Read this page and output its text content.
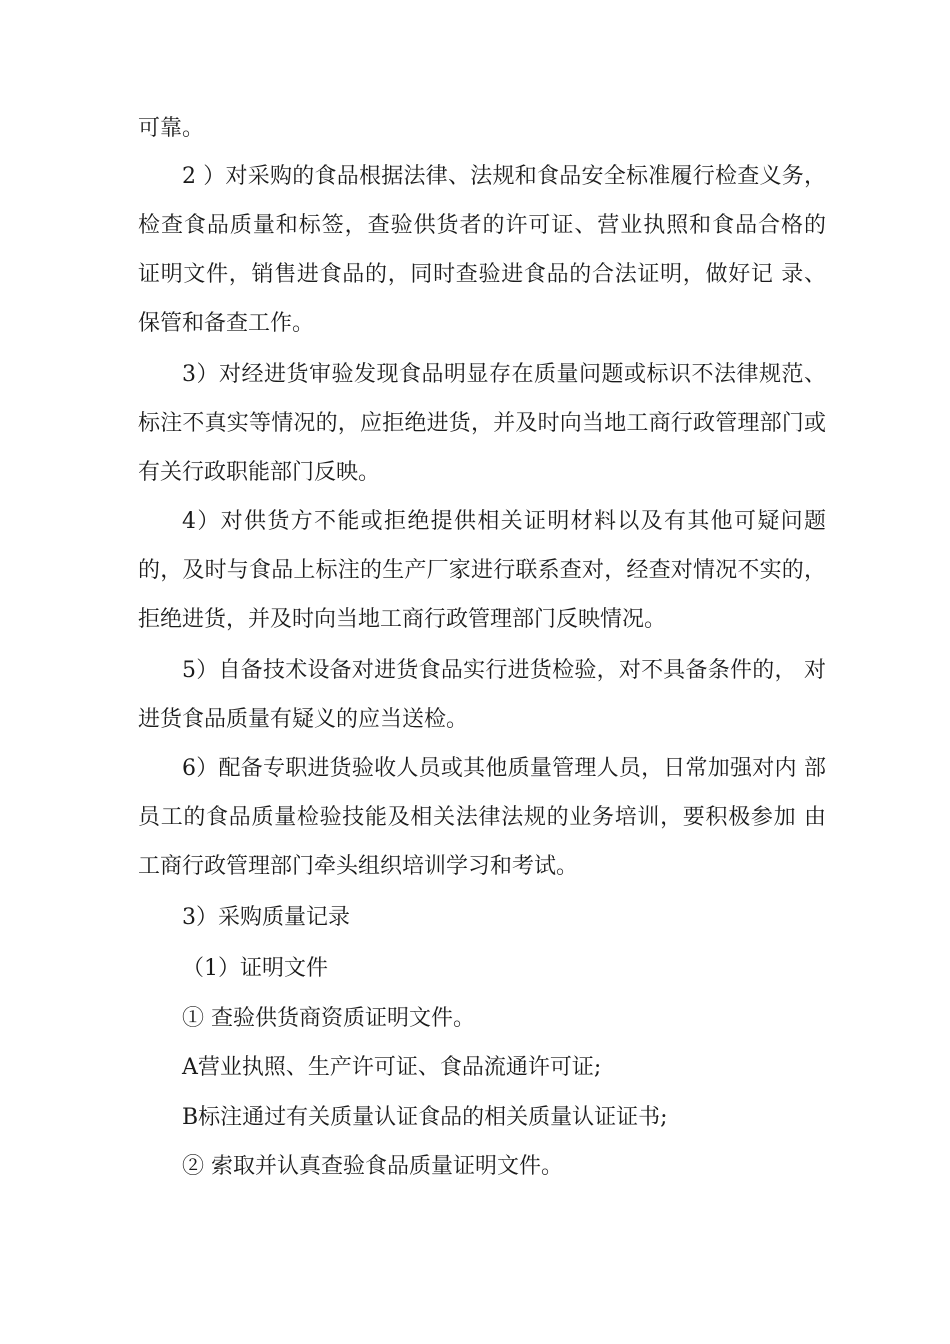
可靠。

2 ）对采购的食品根据法律、法规和食品安全标准履行检查义务，检查食品质量和标签，查验供货者的许可证、营业执照和食品合格的 证明文件，销售进食品的，同时查验进食品的合法证明，做好记 录、保管和备查工作。

3）对经进货审验发现食品明显存在质量问题或标识不法律规范、标注不真实等情况的，应拒绝进货，并及时向当地工商行政管理部门或 有关行政职能部门反映。

4）对供货方不能或拒绝提供相关证明材料以及有其他可疑问题 的，及时与食品上标注的生产厂家进行联系查对，经查对情况不实的， 拒绝进货，并及时向当地工商行政管理部门反映情况。

5）自备技术设备对进货食品实行进货检验，对不具备条件的， 对进货食品质量有疑义的应当送检。

6）配备专职进货验收人员或其他质量管理人员，日常加强对内 部员工的食品质量检验技能及相关法律法规的业务培训，要积极参加 由工商行政管理部门牵头组织培训学习和考试。

3）采购质量记录

（1）证明文件

① 查验供货商资质证明文件。

A营业执照、生产许可证、食品流通许可证;

B标注通过有关质量认证食品的相关质量认证证书;

② 索取并认真查验食品质量证明文件。
